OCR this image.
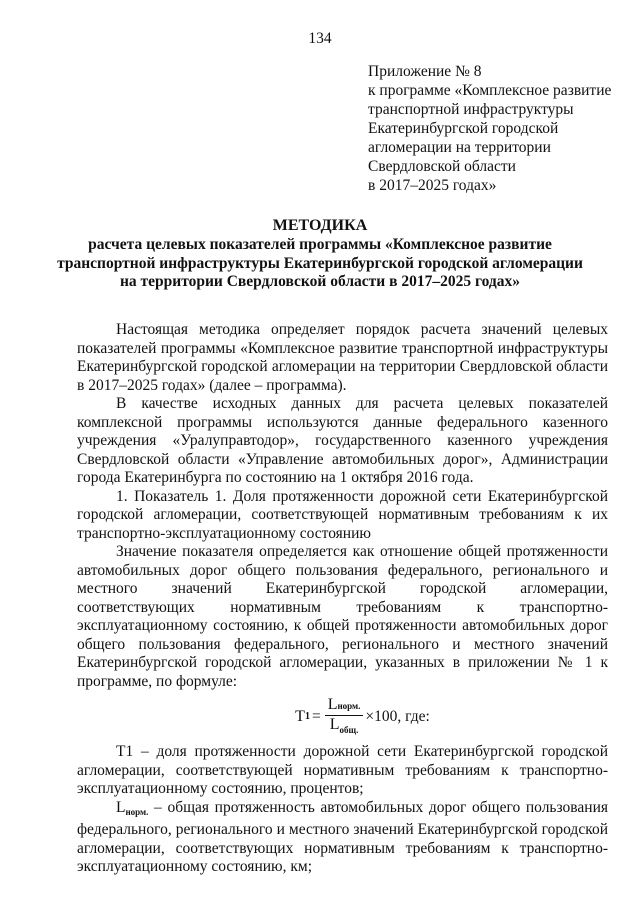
134
Приложение № 8
к программе «Комплексное развитие
транспортной инфраструктуры
Екатеринбургской городской
агломерации на территории
Свердловской области
в 2017–2025 годах»
МЕТОДИКА
расчета целевых показателей программы «Комплексное развитие
транспортной инфраструктуры Екатеринбургской городской агломерации
на территории Свердловской области в 2017–2025 годах»

Настоящая методика определяет порядок расчета значений целевых показателей программы «Комплексное развитие транспортной инфраструктуры Екатеринбургской городской агломерации на территории Свердловской области в 2017–2025 годах» (далее – программа).

В качестве исходных данных для расчета целевых показателей комплексной программы используются данные федерального казенного учреждения «Уралуправтодор», государственного казенного учреждения Свердловской области «Управление автомобильных дорог», Администрации города Екатеринбурга по состоянию на 1 октября 2016 года.

1. Показатель 1. Доля протяженности дорожной сети Екатеринбургской городской агломерации, соответствующей нормативным требованиям к их транспортно-эксплуатационному состоянию

Значение показателя определяется как отношение общей протяженности автомобильных дорог общего пользования федерального, регионального и местного значений Екатеринбургской городской агломерации, соответствующих нормативным требованиям к транспортно-эксплуатационному состоянию, к общей протяженности автомобильных дорог общего пользования федерального, регионального и местного значений Екатеринбургской городской агломерации, указанных в приложении № 1 к программе, по формуле:

T $1 = \frac{\text{Lнорм.}}{L_{общ.}} \times 100$, где:

Т1 – доля протяженности дорожной сети Екатеринбургской городской агломерации, соответствующей нормативным требованиям к транспортно-эксплуатационному состоянию, процентов;

Lнорм. – общая протяженность автомобильных дорог общего пользования федерального, регионального и местного значений Екатеринбургской городской агломерации, соответствующих нормативным требованиям к транспортно-эксплуатационному состоянию, км;
